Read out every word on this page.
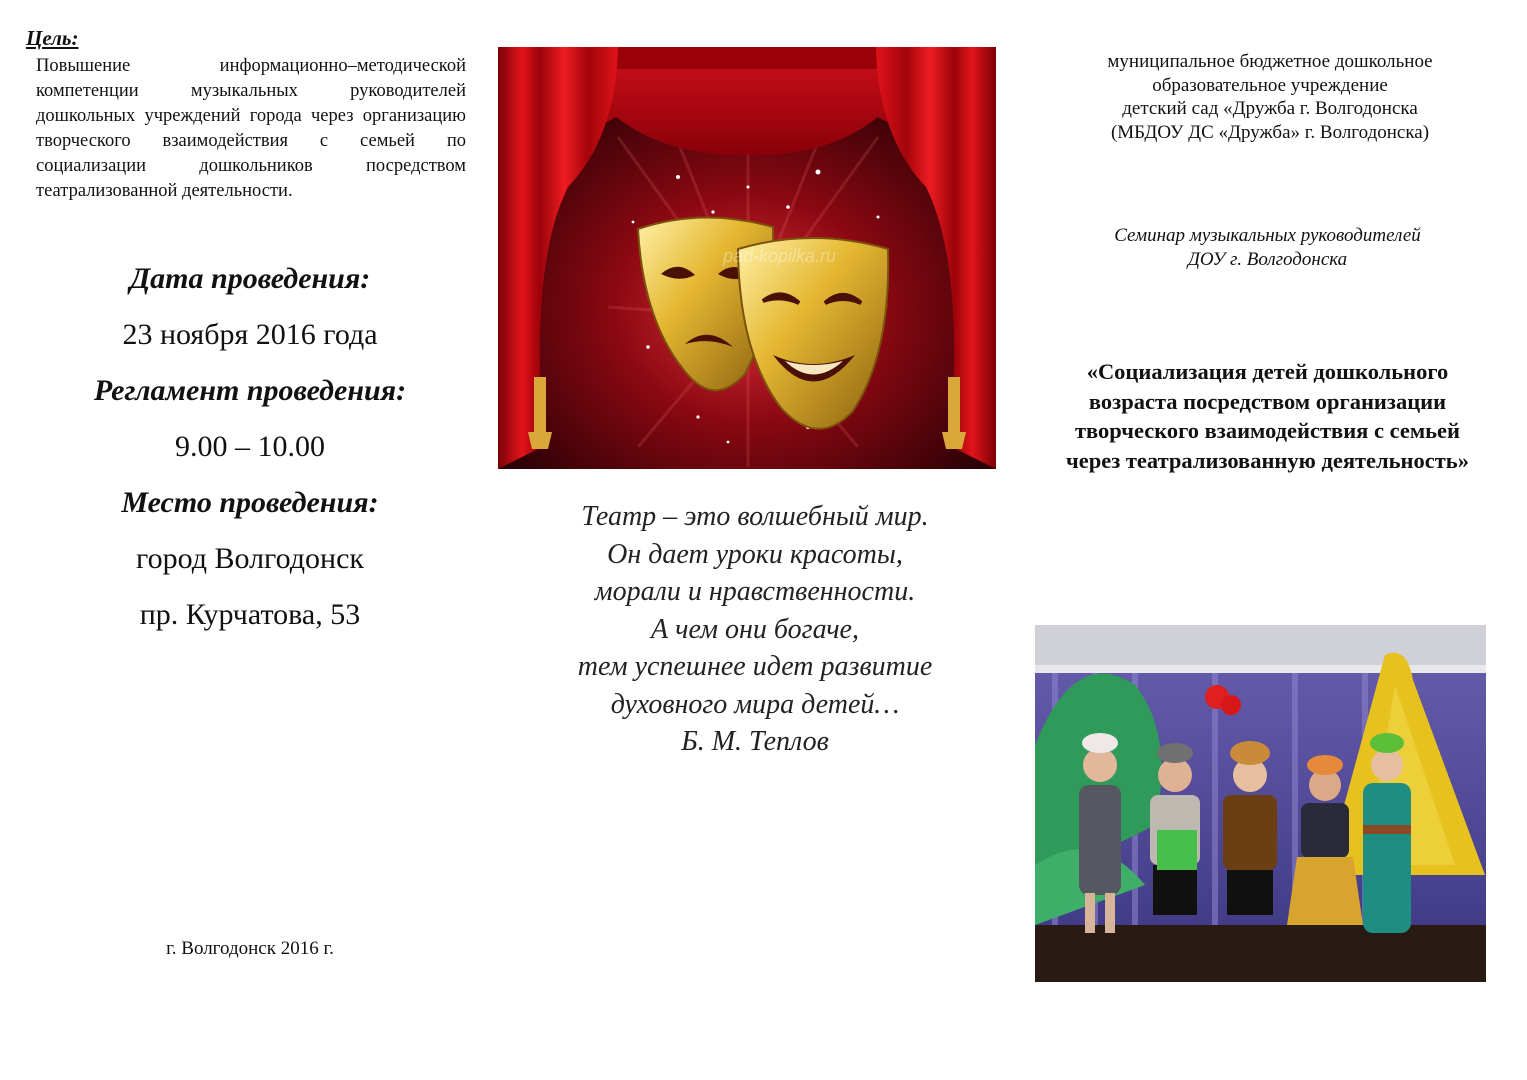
Цель:

Повышение информационно–методической компетенции музыкальных руководителей дошкольных учреждений города через организацию творческого взаимодействия с семьей по социализации дошкольников посредством театрализованной деятельности.

Дата проведения:
23 ноября 2016 года
Регламент проведения:
9.00 – 10.00
Место проведения:
город Волгодонск
пр. Курчатова, 53
г. Волгодонск 2016 г.
pad-kopilka.ru
Театр – это волшебный мир.
Он дает уроки красоты,
морали и нравственности.
А чем они богаче,
тем успешнее идет развитие
духовного мира детей…
Б. М. Теплов
муниципальное бюджетное дошкольное
образовательное учреждение
детский сад «Дружба г. Волгодонска
(МБДОУ ДС «Дружба» г. Волгодонска)
Семинар музыкальных руководителей
ДОУ г. Волгодонска
«Социализация детей дошкольного
возраста посредством организации
творческого взаимодействия с семьей
через театрализованную деятельность»
